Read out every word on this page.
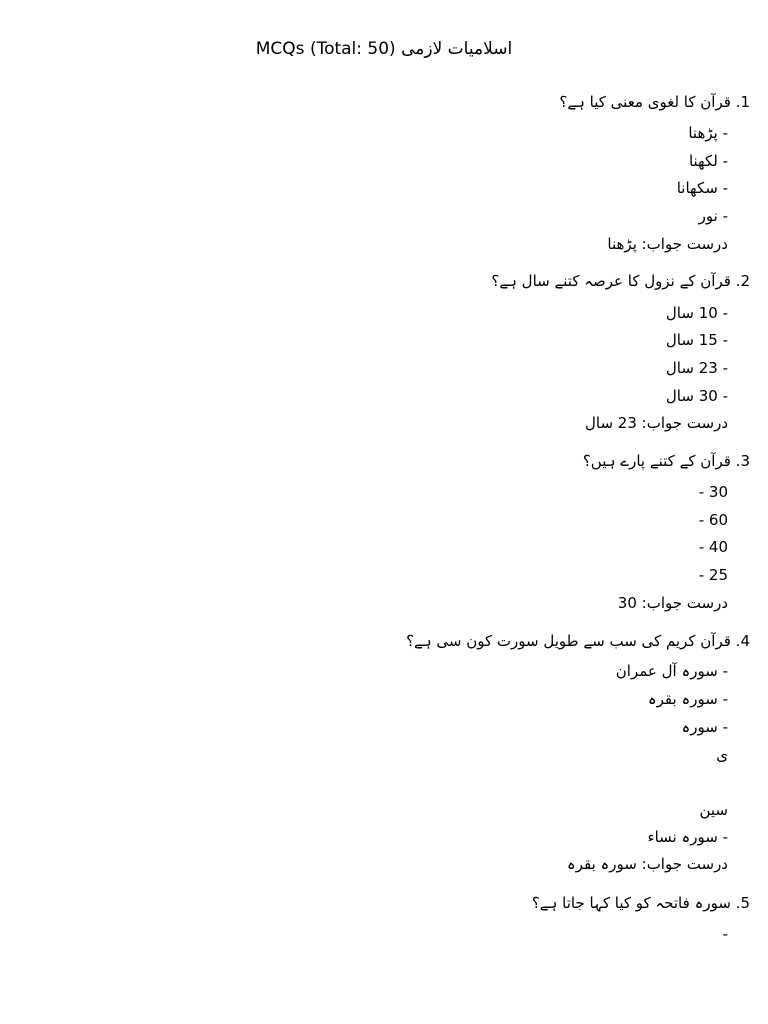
اسلامیات لازمی MCQs (Total: 50)
1. قرآن کا لغوی معنی کیا ہے؟
- پڑھنا
- لکھنا
- سکھانا
- نور
درست جواب: پڑھنا
2. قرآن کے نزول کا عرصہ کتنے سال ہے؟
- 10 سال
- 15 سال
- 23 سال
- 30 سال
درست جواب: 23 سال
3. قرآن کے کتنے پارے ہیں؟
- 30
- 60
- 40
- 25
درست جواب: 30
4. قرآن کریم کی سب سے طویل سورت کون سی ہے؟
- سورہ آل عمران
- سورہ بقرہ
- سورہ
ی
سین
- سورہ نساء
درست جواب: سورہ بقرہ
5. سورہ فاتحہ کو کیا کہا جاتا ہے؟
-
